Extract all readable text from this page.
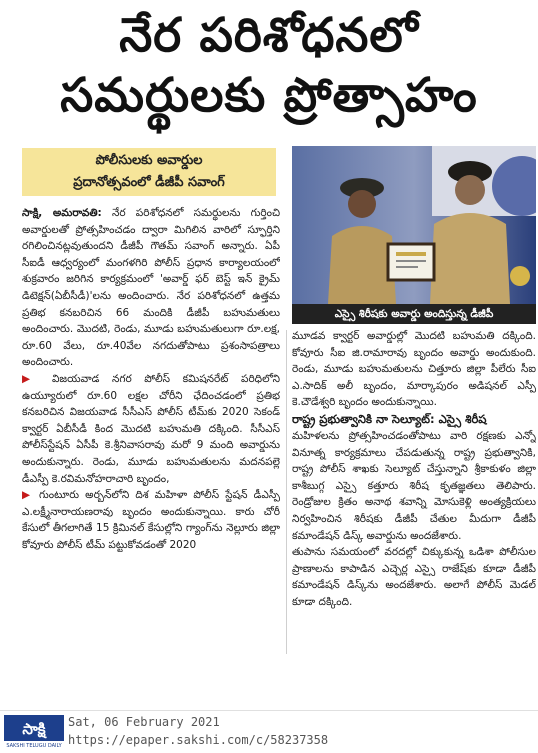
నేర పరిశోధనలో
సమర్థులకు ప్రోత్సాహం
పోలీసులకు అవార్డుల
ప్రదానోత్సవంలో డీజీపీ సవాంగ్
ఎస్సై శిరీషకు అవార్డు అందిస్తున్న డీజీపీ

సాక్షి, అమరావతి: నేర పరిశోధనలో సమర్థులను గుర్తించి అవార్డులతో ప్రోత్సహించడం ద్వారా మిగిలిన వారిలో స్ఫూర్తిని రగిలించినట్లవుతుందని డీజీపీ గౌతమ్ సవాంగ్ అన్నారు. ఏపీ సీఐడీ ఆధ్వర్యంలో మంగళగిరి పోలీస్ ప్రధాన కార్యాలయంలో శుక్రవారం జరిగిన కార్యక్రమంలో 'అవార్డ్ ఫర్ బెస్ట్ ఇన్ క్రైమ్ డిటెక్షన్(ఏబీసీడీ)'లను అందించారు. నేర పరిశోధనలో ఉత్తమ ప్రతిభ కనబరిచిన 66 మందికి డీజీపీ బహుమతులు అందించారు. మొదటి, రెండు, మూడు బహుమతులుగా రూ.లక్ష, రూ.60 వేలు, రూ.40వేల నగదుతోపాటు ప్రశంసాపత్రాలు అందించారు.

▶ విజయవాడ నగర పోలీస్ కమిషనరేట్ పరిధిలోని ఉయ్యూరులో రూ.60 లక్షల చోరీని ఛేదించడంలో ప్రతిభ కనబరిచిన విజయవాడ సీసీఎస్ పోలీస్ టీమ్‌కు 2020 సెకండ్ క్వార్టర్ ఏబీసీడీ కింద మొదటి బహుమతి దక్కింది. సీసీఎస్ పోలీస్‌స్టేషన్ ఏసీపీ కె.శ్రీనివాసరావు మరో 9 మంది అవార్డును అందుకున్నారు. రెండు, మూడు బహుమతులను మదనపల్లె డీఎస్పీ కె.రవిమనోహరాచారి బృందం,

▶ గుంటూరు అర్బన్‌లోని దిశ మహిళా పోలీస్ స్టేషన్ డీఎస్పీ ఎ.లక్ష్మీనారాయణరావు బృందం అందుకున్నాయి. కారు చోరీ కేసులో తీగలాగితే 15 క్రిమినల్ కేసుల్లోని గ్యాంగ్‌ను నెల్లూరు జిల్లా కోవూరు పోలీస్ టీమ్ పట్టుకోవడంతో 2020

మూడవ క్వార్టర్ అవార్డుల్లో మొదటి బహుమతి దక్కింది. కోవూరు సీఐ జి.రామారావు బృందం అవార్డు అందుకుంది. రెండు, మూడు బహుమతులను చిత్తూరు జిల్లా పీలేరు సీఐ ఎ.సాదిక్ అలీ బృందం, మార్కాపురం అడిషనల్ ఎస్పీ కె.చౌడేశ్వరి బృందం అందుకున్నాయి.

రాష్ట్ర ప్రభుత్వానికి నా సెల్యూట్: ఎస్సై శిరీష

మహిళలను ప్రోత్సహించడంతోపాటు వారి రక్షణకు ఎన్నో వినూత్న కార్యక్రమాలు చేపడుతున్న రాష్ట్ర ప్రభుత్వానికి, రాష్ట్ర పోలీస్ శాఖకు సెల్యూట్ చేస్తున్నాని శ్రీకాకుళం జిల్లా కాశీబుగ్గ ఎస్సై కత్తూరు శిరీష కృతజ్ఞతలు తెలిపారు. రెండ్రోజుల క్రితం అనాథ శవాన్ని మోసుకెళ్లి అంత్యక్రియలు నిర్వహించిన శిరీషకు డీజీపీ చేతుల మీదుగా డీజీపీ కమాండేషన్ డిస్క్ అవార్డును అందజేశారు.

తుపాను సమయంలో వరదల్లో చిక్కుకున్న ఒడిశా పోలీసుల ప్రాణాలను కాపాడిన ఎచ్చెర్ల ఎస్సై రాజేష్‌కు కూడా డీజీపీ కమాండేషన్ డిస్క్‌ను అందజేశారు. అలాగే పోలీస్ మెడల్ కూడా దక్కింది.

సాక్షి
SAKSHI TELUGU DAILY
Sat, 06 February 2021
https://epaper.sakshi.com/c/58237358
